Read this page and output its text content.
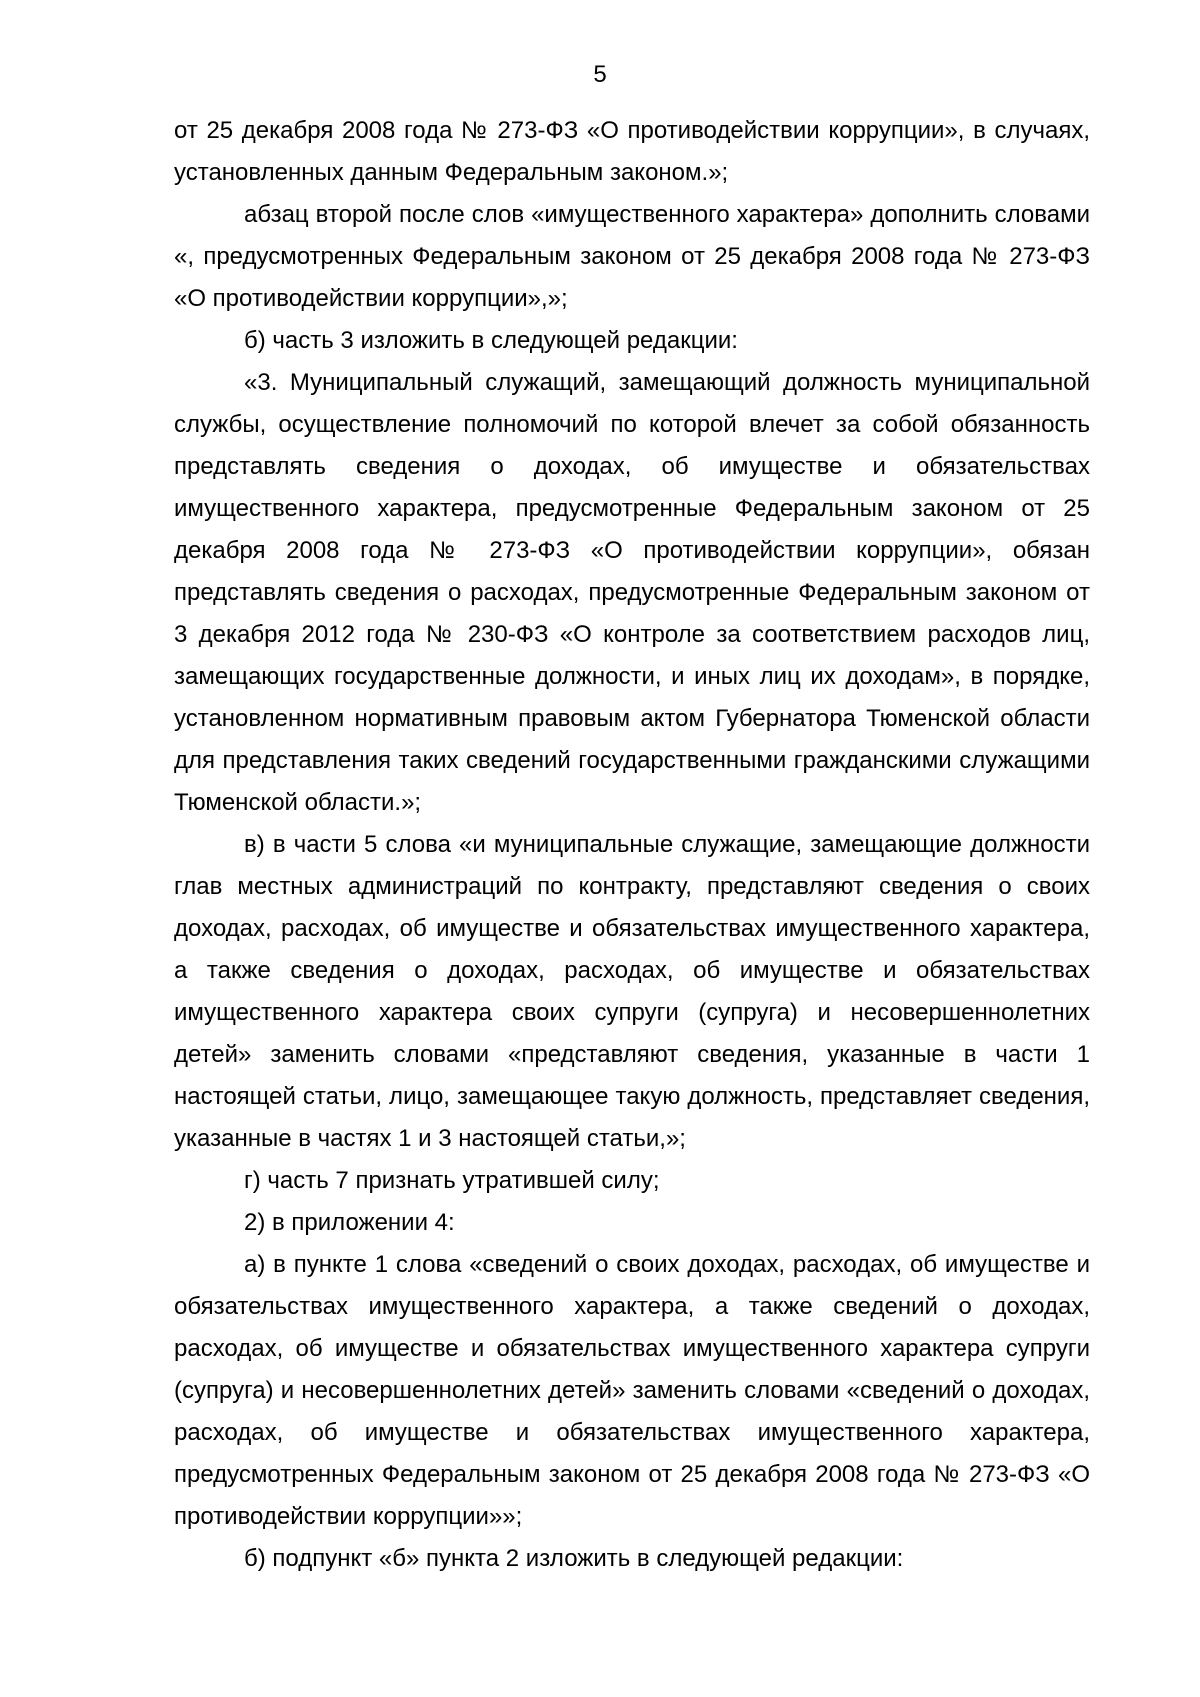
5

от 25 декабря 2008 года № 273-ФЗ «О противодействии коррупции», в случаях, установленных данным Федеральным законом.»;

абзац второй после слов «имущественного характера» дополнить словами «, предусмотренных Федеральным законом от 25 декабря 2008 года № 273-ФЗ «О противодействии коррупции»,»;

б) часть 3 изложить в следующей редакции:

«3. Муниципальный служащий, замещающий должность муниципальной службы, осуществление полномочий по которой влечет за собой обязанность представлять сведения о доходах, об имуществе и обязательствах имущественного характера, предусмотренные Федеральным законом от 25 декабря 2008 года № 273-ФЗ «О противодействии коррупции», обязан представлять сведения о расходах, предусмотренные Федеральным законом от 3 декабря 2012 года № 230-ФЗ «О контроле за соответствием расходов лиц, замещающих государственные должности, и иных лиц их доходам», в порядке, установленном нормативным правовым актом Губернатора Тюменской области для представления таких сведений государственными гражданскими служащими Тюменской области.»;

в) в части 5 слова «и муниципальные служащие, замещающие должности глав местных администраций по контракту, представляют сведения о своих доходах, расходах, об имуществе и обязательствах имущественного характера, а также сведения о доходах, расходах, об имуществе и обязательствах имущественного характера своих супруги (супруга) и несовершеннолетних детей» заменить словами «представляют сведения, указанные в части 1 настоящей статьи, лицо, замещающее такую должность, представляет сведения, указанные в частях 1 и 3 настоящей статьи,»;

г) часть 7 признать утратившей силу;

2) в приложении 4:

а) в пункте 1 слова «сведений о своих доходах, расходах, об имуществе и обязательствах имущественного характера, а также сведений о доходах, расходах, об имуществе и обязательствах имущественного характера супруги (супруга) и несовершеннолетних детей» заменить словами «сведений о доходах, расходах, об имуществе и обязательствах имущественного характера, предусмотренных Федеральным законом от 25 декабря 2008 года № 273-ФЗ «О противодействии коррупции»»;

б) подпункт «б» пункта 2 изложить в следующей редакции:
